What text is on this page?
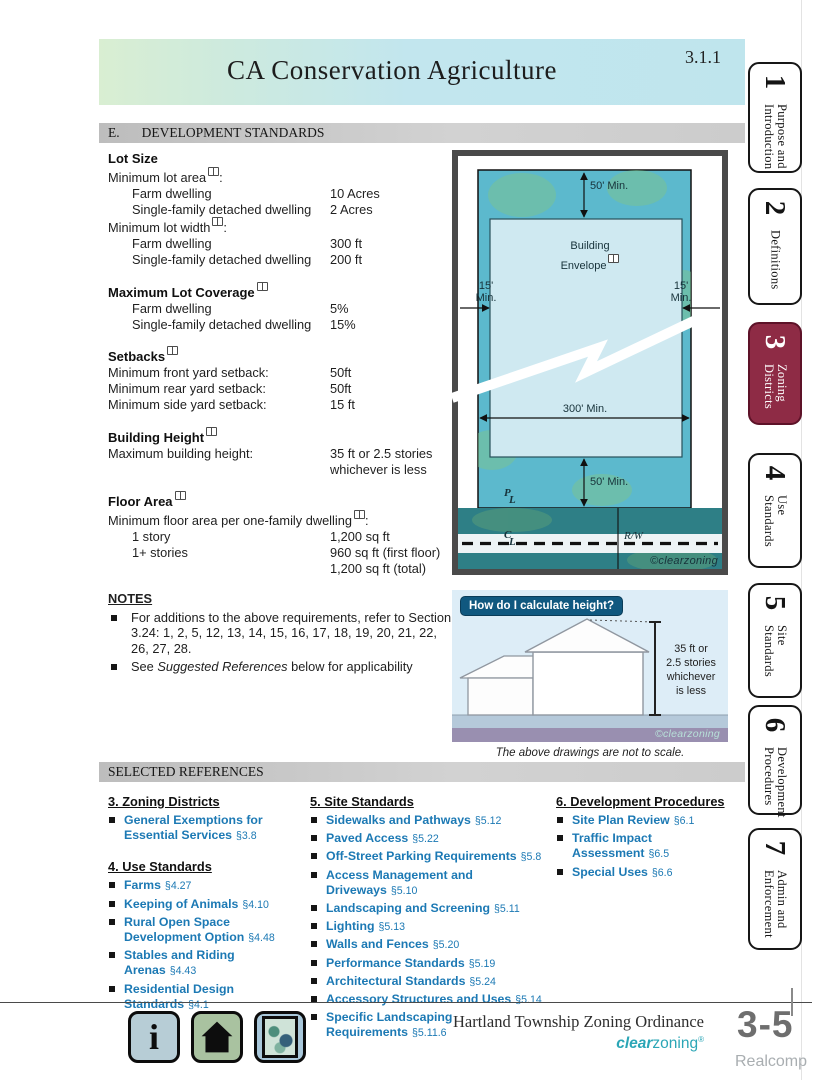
CA Conservation Agriculture	3.1.1
E. DEVELOPMENT STANDARDS
Lot Size
Minimum lot area :
Farm dwelling	10 Acres
Single-family detached dwelling 2 Acres
Minimum lot width :
Farm dwelling	300 ft
Single-family detached dwelling 200 ft
Maximum Lot Coverage
Farm dwelling	5%
Single-family detached dwelling 15%
Setbacks
Minimum front yard setback:	50ft
Minimum rear yard setback:	50ft
Minimum side yard setback:	15 ft
Building Height
Maximum building height:	35 ft or 2.5 stories
whichever is less

Floor Area
Minimum floor area per one-family dwelling :
1 story	1,200 sq ft
1+ stories	960 sq ft (first floor)
1,200 sq ft (total)

NOTES
For additions to the above requirements, refer to Section 3.24: 1, 2, 5, 12, 13, 14, 15, 16, 17, 18, 19, 20, 21, 22, 26, 27, 28.
See Suggested References below for applicability
50' Min.
Building
Envelope
15'
Min.
15'
Min.
300' Min.
50' Min.
P
L
C
L	R/W
©clearzoning
How do I calculate height?
35 ft or
2.5 stories
whichever
is less
©clearzoning
The above drawings are not to scale.
SELECTED REFERENCES
3. Zoning Districts
General Exemptions for Essential Services §3.8
4. Use Standards
Farms §4.27
Keeping of Animals §4.10
Rural Open Space Development Option §4.48
Stables and Riding Arenas §4.43
Residential Design Standards §4.1
5. Site Standards
Sidewalks and Pathways §5.12
Paved Access §5.22
Off-Street Parking Requirements §5.8
Access Management and Driveways §5.10
Landscaping and Screening §5.11
Lighting §5.13
Walls and Fences §5.20
Performance Standards §5.19
Architectural Standards §5.24
Accessory Structures and Uses §5.14
Specific Landscaping Requirements §5.11.6
6. Development Procedures
Site Plan Review §6.1
Traffic Impact Assessment §6.5
Special Uses §6.6
1
Purpose and Introduction
2
Definitions
3
Zoning Districts
4
Use Standards
5
Site Standards
6
Development Procedures
7
Admin and Enforcement
i	Hartland Township Zoning Ordinance
clearzoning® 3-5
Realcomp
